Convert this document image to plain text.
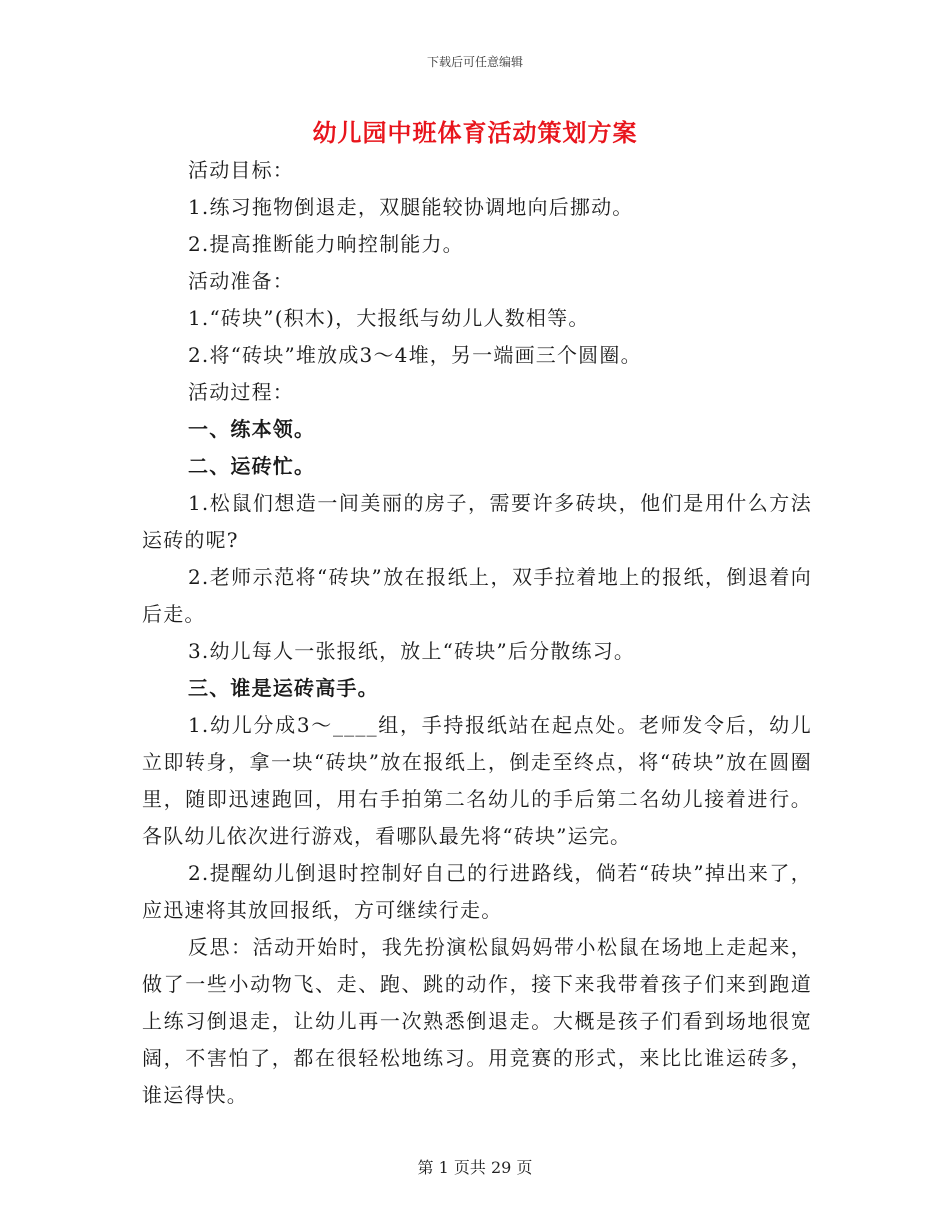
下载后可任意编辑
幼儿园中班体育活动策划方案

活动目标：

1.练习拖物倒退走，双腿能较协调地向后挪动。

2.提高推断能力晌控制能力。

活动准备：

1.“砖块”(积木)，大报纸与幼儿人数相等。

2.将“砖块”堆放成3～4堆，另一端画三个圆圈。

活动过程：

一、练本领。

二、运砖忙。

1.松鼠们想造一间美丽的房子，需要许多砖块，他们是用什么方法运砖的呢?

2.老师示范将“砖块”放在报纸上，双手拉着地上的报纸，倒退着向后走。

3.幼儿每人一张报纸，放上“砖块”后分散练习。

三、谁是运砖高手。

1.幼儿分成3～____组，手持报纸站在起点处。老师发令后，幼儿立即转身，拿一块“砖块”放在报纸上，倒走至终点，将“砖块”放在圆圈里，随即迅速跑回，用右手拍第二名幼儿的手后第二名幼儿接着进行。各队幼儿依次进行游戏，看哪队最先将“砖块”运完。

2.提醒幼儿倒退时控制好自己的行进路线，倘若“砖块”掉出来了，应迅速将其放回报纸，方可继续行走。

反思：活动开始时，我先扮演松鼠妈妈带小松鼠在场地上走起来，做了一些小动物飞、走、跑、跳的动作，接下来我带着孩子们来到跑道上练习倒退走，让幼儿再一次熟悉倒退走。大概是孩子们看到场地很宽阔，不害怕了，都在很轻松地练习。用竞赛的形式，来比比谁运砖多，谁运得快。

第 1 页共 29 页
